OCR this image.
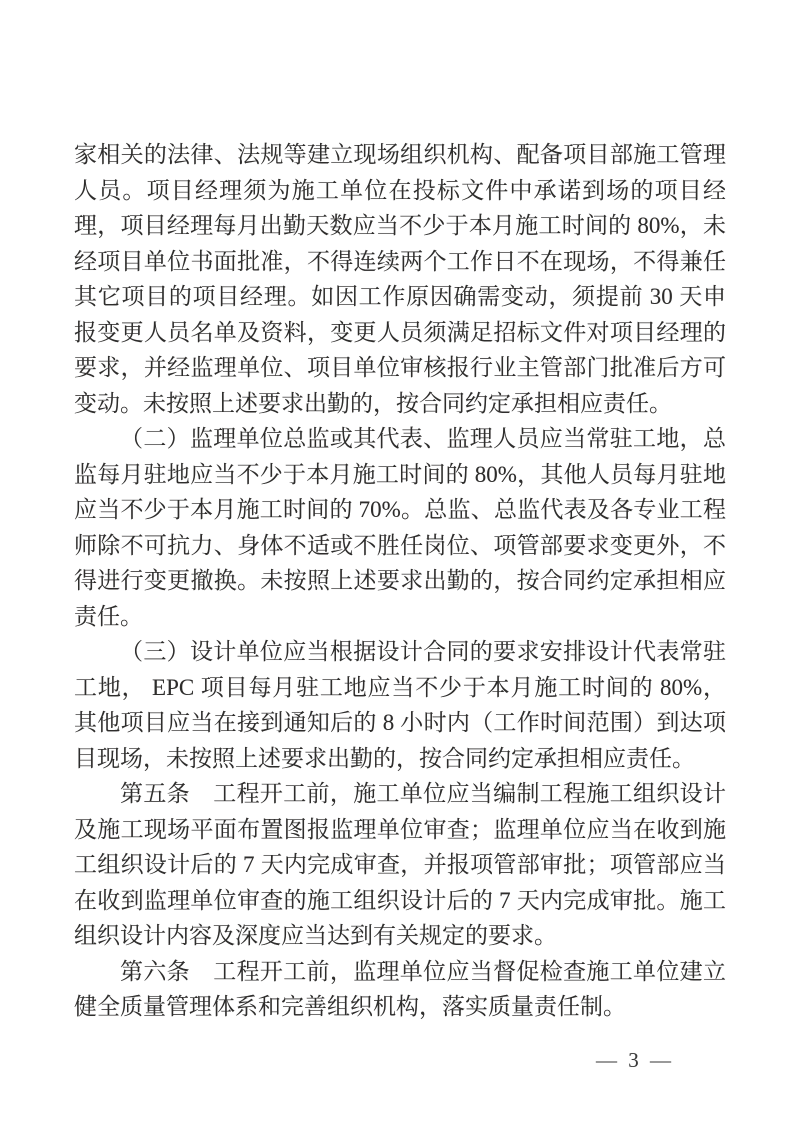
家相关的法律、法规等建立现场组织机构、配备项目部施工管理人员。项目经理须为施工单位在投标文件中承诺到场的项目经理，项目经理每月出勤天数应当不少于本月施工时间的 80%，未经项目单位书面批准，不得连续两个工作日不在现场，不得兼任其它项目的项目经理。如因工作原因确需变动，须提前 30 天申报变更人员名单及资料，变更人员须满足招标文件对项目经理的要求，并经监理单位、项目单位审核报行业主管部门批准后方可变动。未按照上述要求出勤的，按合同约定承担相应责任。

（二）监理单位总监或其代表、监理人员应当常驻工地，总监每月驻地应当不少于本月施工时间的 80%，其他人员每月驻地应当不少于本月施工时间的 70%。总监、总监代表及各专业工程师除不可抗力、身体不适或不胜任岗位、项管部要求变更外，不得进行变更撤换。未按照上述要求出勤的，按合同约定承担相应责任。

（三）设计单位应当根据设计合同的要求安排设计代表常驻工地， EPC 项目每月驻工地应当不少于本月施工时间的 80%，其他项目应当在接到通知后的 8 小时内（工作时间范围）到达项目现场，未按照上述要求出勤的，按合同约定承担相应责任。

第五条　工程开工前，施工单位应当编制工程施工组织设计及施工现场平面布置图报监理单位审查；监理单位应当在收到施工组织设计后的 7 天内完成审查，并报项管部审批；项管部应当在收到监理单位审查的施工组织设计后的 7 天内完成审批。施工组织设计内容及深度应当达到有关规定的要求。

第六条　工程开工前，监理单位应当督促检查施工单位建立健全质量管理体系和完善组织机构，落实质量责任制。

— 3 —
